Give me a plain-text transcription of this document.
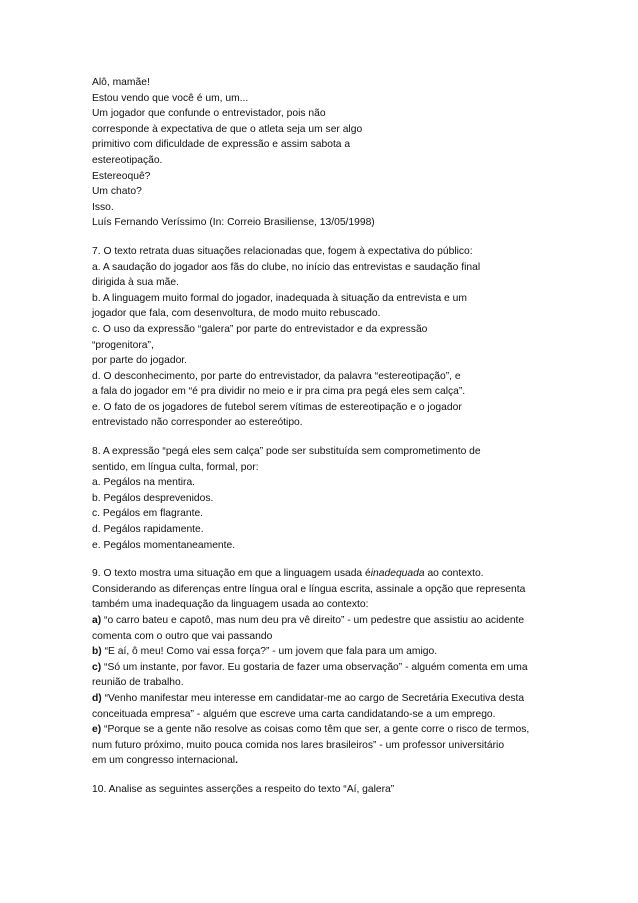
Alô, mamãe!
Estou vendo que você é um, um...
Um jogador que confunde o entrevistador, pois não
corresponde à expectativa de que o atleta seja um ser algo
primitivo com dificuldade de expressão e assim sabota a
estereotipação.
Estereoquê?
Um chato?
Isso.
Luís Fernando Veríssimo (In: Correio Brasiliense, 13/05/1998)
7. O texto retrata duas situações relacionadas que, fogem à expectativa do público:
a. A saudação do jogador aos fãs do clube, no início das entrevistas e saudação final
dirigida à sua mãe.
b. A linguagem muito formal do jogador, inadequada à situação da entrevista e um
jogador que fala, com desenvoltura, de modo muito rebuscado.
c. O uso da expressão “galera” por parte do entrevistador e da expressão
“progenitora”,
por parte do jogador.
d. O desconhecimento, por parte do entrevistador, da palavra “estereotipação”, e
a fala do jogador em “é pra dividir no meio e ir pra cima pra pegá eles sem calça”.
e. O fato de os jogadores de futebol serem vítimas de estereotipação e o jogador
entrevistado não corresponder ao estereótipo.
8. A expressão “pegá eles sem calça” pode ser substituída sem comprometimento de
sentido, em língua culta, formal, por:
a. Pegálos na mentira.
b. Pegálos desprevenidos.
c. Pegálos em flagrante.
d. Pegálos rapidamente.
e. Pegálos momentaneamente.
9. O texto mostra uma situação em que a linguagem usada éinadequada ao contexto.
Considerando as diferenças entre língua oral e língua escrita, assinale a opção que representa
também uma inadequação da linguagem usada ao contexto:
a) “o carro bateu e capotô, mas num deu pra vê direito” - um pedestre que assistiu ao acidente
comenta com o outro que vai passando
b) “E aí, ô meu! Como vai essa força?” - um jovem que fala para um amigo.
c) “Só um instante, por favor. Eu gostaria de fazer uma observação” - alguém comenta em uma
reunião de trabalho.
d) “Venho manifestar meu interesse em candidatar-me ao cargo de Secretária Executiva desta
conceituada empresa” - alguém que escreve uma carta candidatando-se a um emprego.
e) “Porque se a gente não resolve as coisas como têm que ser, a gente corre o risco de termos,
num futuro próximo, muito pouca comida nos lares brasileiros” - um professor universitário
em um congresso internacional.
10. Analise as seguintes asserções a respeito do texto “Aí, galera”
